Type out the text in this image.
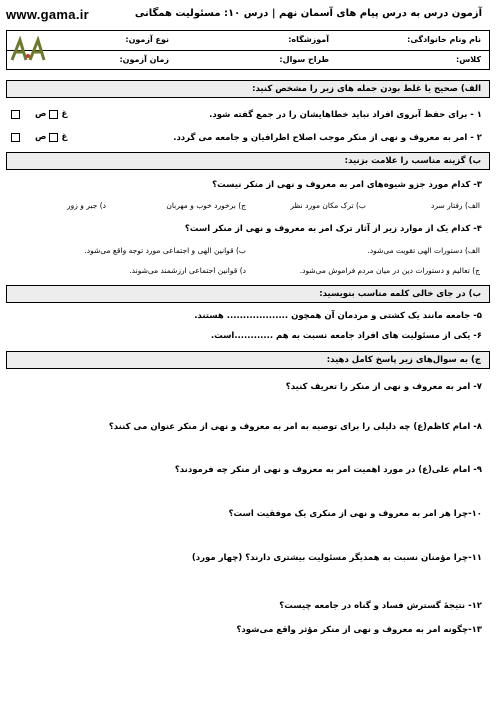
www.gama.ir	آزمون درس به درس پیام های آسمان نهم | درس ۱۰: مسئولیت همگانی
نام ونام خانوادگی:
آموزشگاه:
نوع آزمون:
کلاس:
طراح سوال:
زمان آزمون:
الف) صحیح یا غلط بودن جمله های زیر را مشخص کنید:
۱ - برای حفظ آبروی افراد نباید خطاهایشان را در جمع گفته شود.
غ
ص
۲ - امر به معروف و نهی از منکر موجب اصلاح اطرافیان و جامعه می گردد.
غ
ص
ب) گزینه مناسب را علامت بزنید:
۳- کدام مورد جزو شیوه‌های امر به معروف و نهی از منکر نیست؟
الف) رفتار سرد
ب) ترک مکان مورد نظر
ج) برخورد خوب و مهربان
د) جبر و زور
۴- کدام یک از موارد زیر از آثار ترک امر به معروف و نهی از منکر است؟
الف) دستورات الهی تقویت می‌شود.
ب) قوانین الهی و اجتماعی مورد توجه واقع می‌شود.
ج) تعالیم و دستورات دین در میان مردم فراموش می‌شود.
د) قوانین اجتماعی ارزشمند می‌شوند.
ب) در جای خالی کلمه مناسب بنویسید:
۵- جامعه مانند یک کشتی و مردمان آن همچون ................... هستند.
۶- یکی از مسئولیت های افراد جامعه نسبت به هم ............است.
ج) به سوال‌های زیر پاسخ کامل دهید:
۷- امر به معروف و نهی از منکر را تعریف کنید؟
۸- امام کاظم(ع) چه دلیلی را برای توصیه به امر به معروف و نهی از منکر عنوان می کنند؟
۹- امام علی(ع) در مورد اهمیت امر به معروف و نهی از منکر چه فرمودند؟
۱۰-چرا هر امر به معروف و نهی از منکری یک موفقیت است؟
۱۱-چرا مؤمنان نسبت به همدیگر مسئولیت بیشتری دارند؟ (چهار مورد)
۱۲- نتیجۀ گسترش فساد و گناه در جامعه چیست؟
۱۳-چگونه امر به معروف و نهی از منکر مؤثر واقع می‌شود؟
